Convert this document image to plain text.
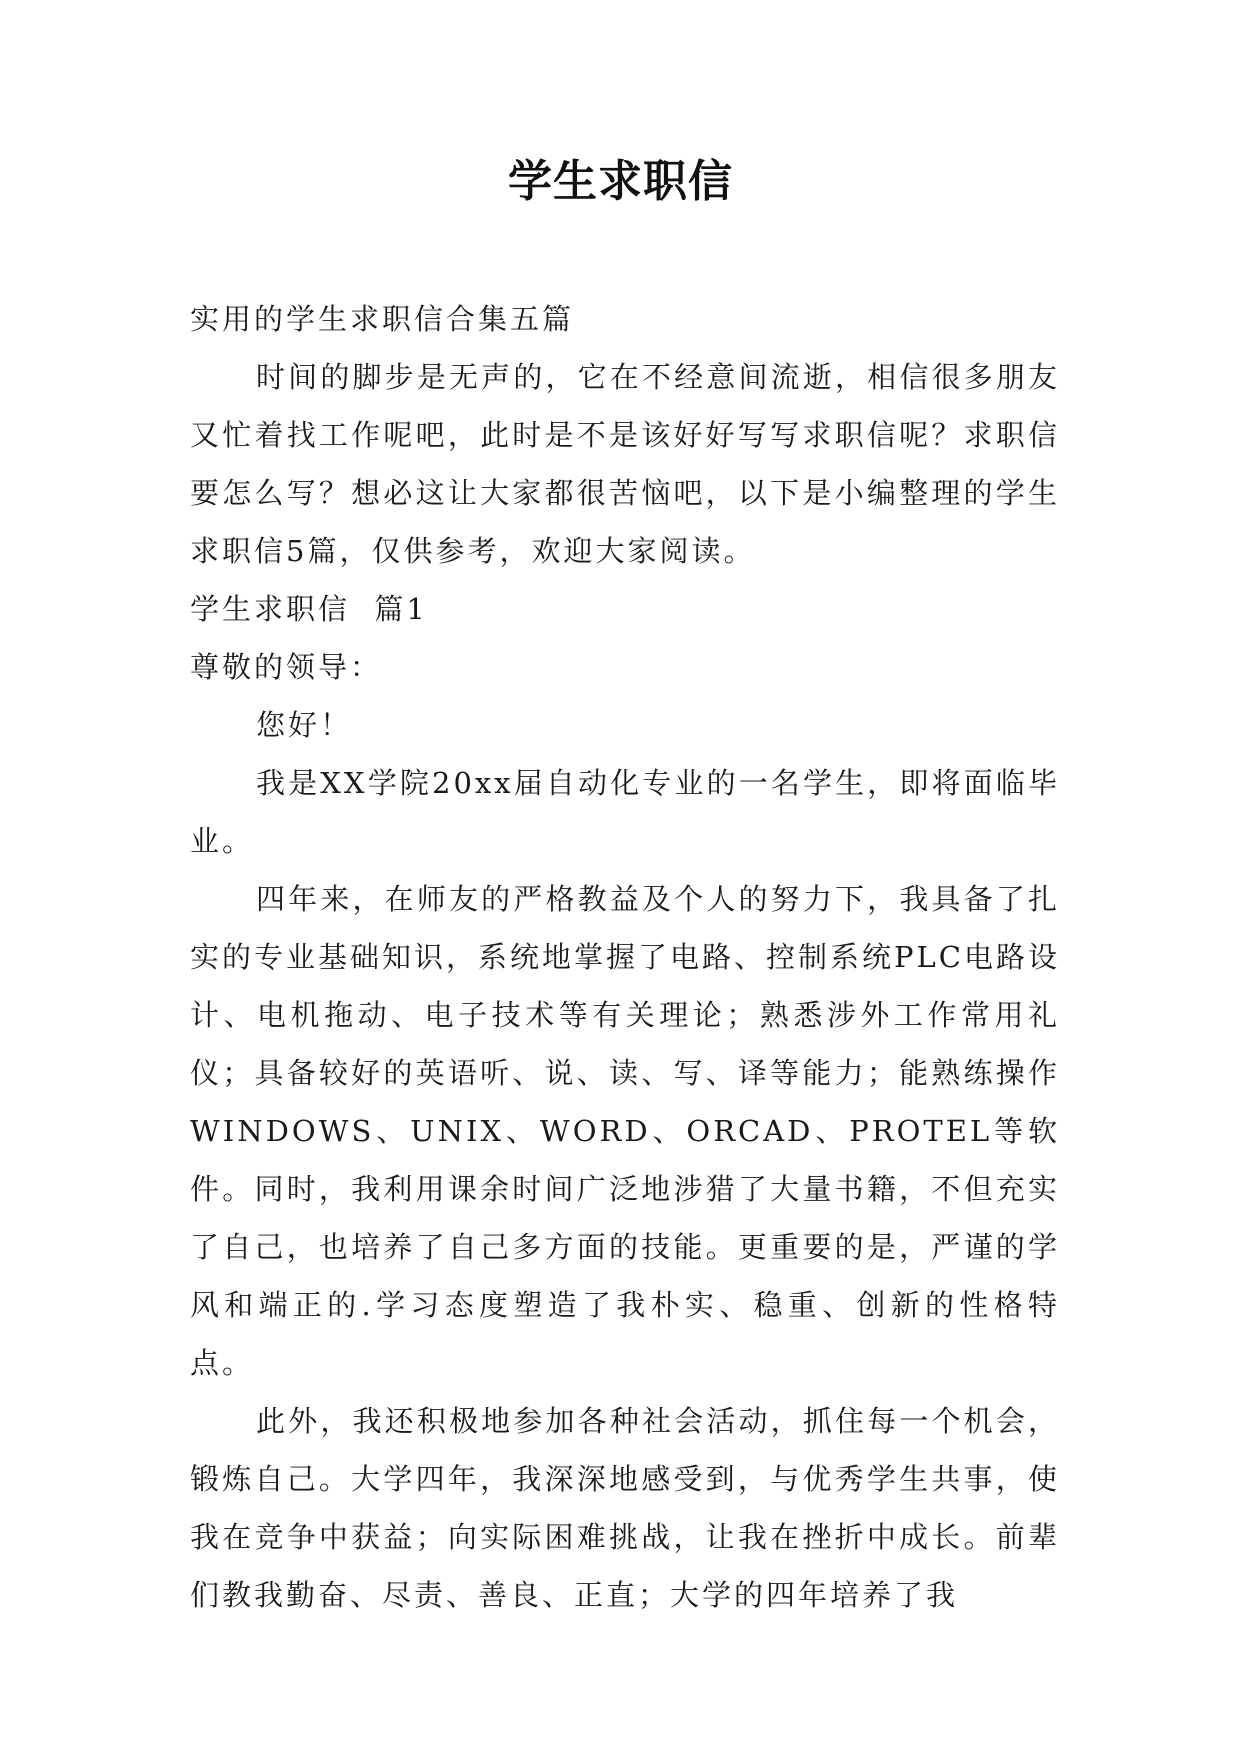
学生求职信

实用的学生求职信合集五篇

时间的脚步是无声的，它在不经意间流逝，相信很多朋友又忙着找工作呢吧，此时是不是该好好写写求职信呢？求职信要怎么写？想必这让大家都很苦恼吧，以下是小编整理的学生求职信5篇，仅供参考，欢迎大家阅读。

学生求职信  篇1

尊敬的领导：

您好！

我是XX学院20xx届自动化专业的一名学生，即将面临毕业。

四年来，在师友的严格教益及个人的努力下，我具备了扎实的专业基础知识，系统地掌握了电路、控制系统PLC电路设计、电机拖动、电子技术等有关理论；熟悉涉外工作常用礼仪；具备较好的英语听、说、读、写、译等能力；能熟练操作WINDOWS、UNIX、WORD、ORCAD、PROTEL等软件。同时，我利用课余时间广泛地涉猎了大量书籍，不但充实了自己，也培养了自己多方面的技能。更重要的是，严谨的学风和端正的.学习态度塑造了我朴实、稳重、创新的性格特点。

此外，我还积极地参加各种社会活动，抓住每一个机会，锻炼自己。大学四年，我深深地感受到，与优秀学生共事，使我在竞争中获益；向实际困难挑战，让我在挫折中成长。前辈们教我勤奋、尽责、善良、正直；大学的四年培养了我
